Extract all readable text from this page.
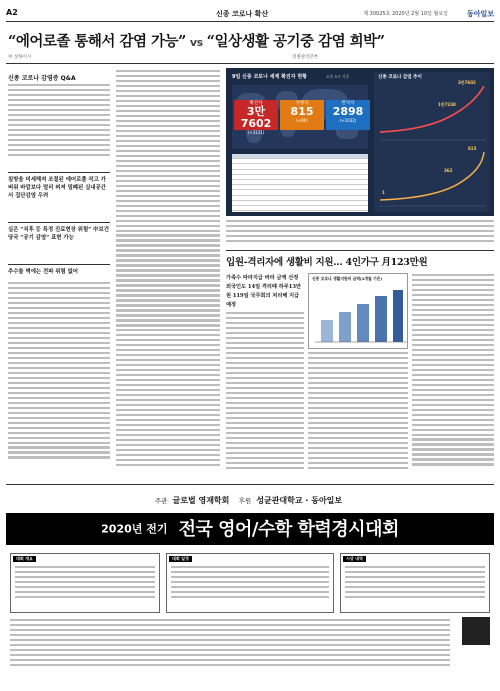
A2	신종 코로나 확산	제 30025호 2020년 2월 10일 월요일	동아일보
“에어로졸 통해서 감염 가능” vs “일상생활 공기중 감염 희박”
中 상하이시	질병관리본부
신종 코로나 감염증 Q&A
침방울 미세해져 조절된 에어로졸 작고 가벼워 바깥보다 멀리 퍼져 밀폐된 실내공간서 집단감염 우려
실은 “직후 등 특정 진료현장 위험” 中보건당국 “공기 감염” 표현 가능
추수를 벽에는 전파 위험 없어
9일 신종 코로나 세계 확진자 현황	오후 9시 기준
확진자
3만7602
(+3131)
사망자
815
(+89)
완치자
2898
(+1032)
신종 코로나 감염 추이
3만7602
1만7238
815
362
1
입원-격리자에 생활비 지원… 4인가구 月123만원
가족수 따라지급 바라 금액 산정 외국인도 14일 격리때 하루13만원 119일 국무회의 처리해 지급 예정
신종 코로나 생활지원비 금액(1개월 기준)
주관 글로벌 영재학회 후원 성균관대학교 · 동아일보
2020년 전기 전국 영어/수학 학력경시대회
대회 개요	대회 일정	시상 내역
